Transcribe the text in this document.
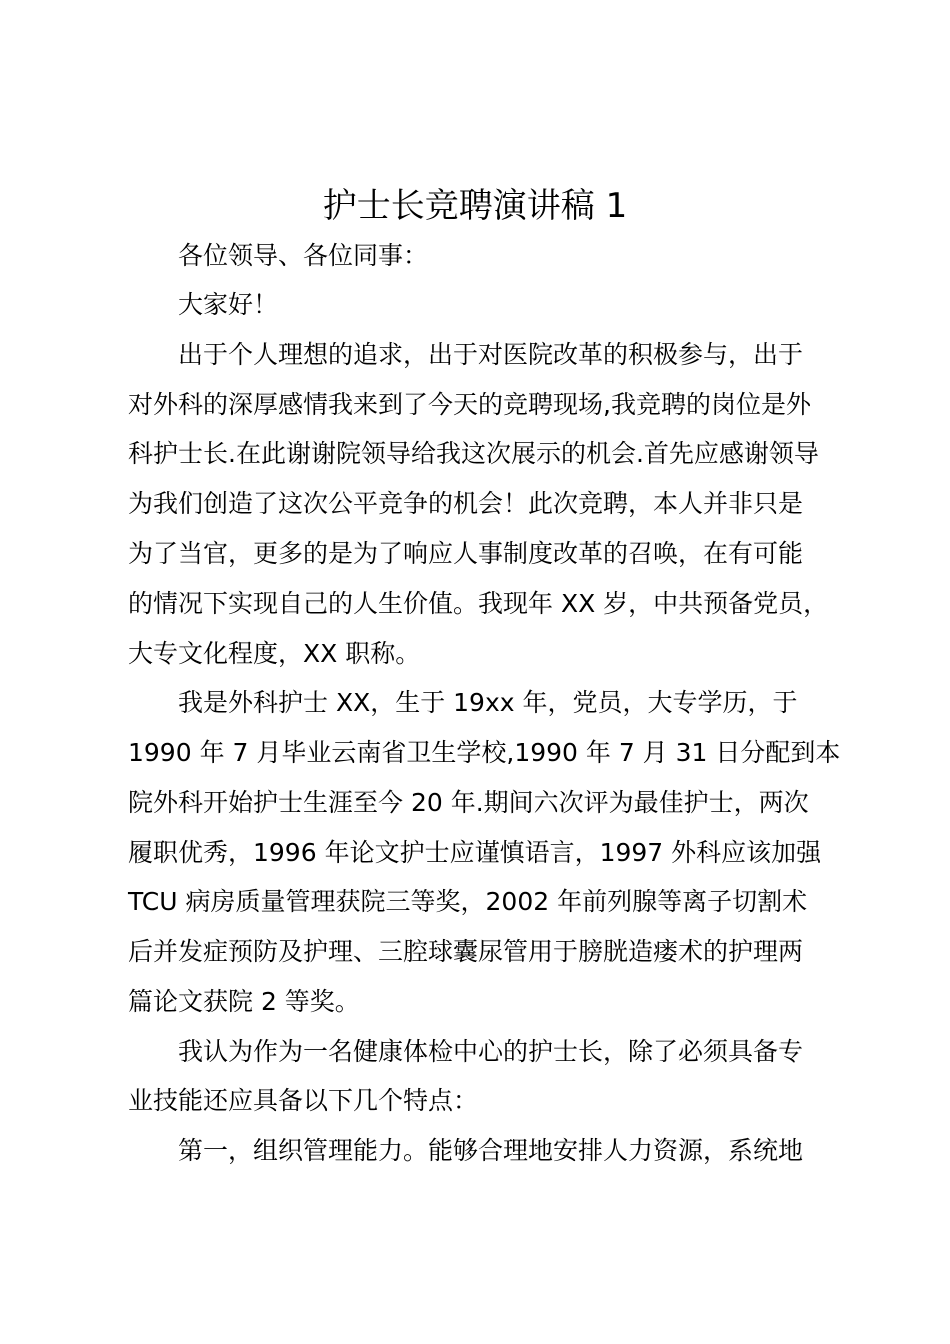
护士长竞聘演讲稿 1
各位领导、各位同事：
大家好！
出于个人理想的追求，出于对医院改革的积极参与，出于
对外科的深厚感情我来到了今天的竞聘现场,我竞聘的岗位是外
科护士长.在此谢谢院领导给我这次展示的机会.首先应感谢领导
为我们创造了这次公平竞争的机会！此次竞聘，本人并非只是
为了当官，更多的是为了响应人事制度改革的召唤，在有可能
的情况下实现自己的人生价值。我现年 XX 岁，中共预备党员，
大专文化程度，XX 职称。
我是外科护士 XX，生于 19xx 年，党员，大专学历，于
1990 年 7 月毕业云南省卫生学校,1990 年 7 月 31 日分配到本
院外科开始护士生涯至今 20 年.期间六次评为最佳护士，两次
履职优秀，1996 年论文护士应谨慎语言，1997 外科应该加强
TCU 病房质量管理获院三等奖，2002 年前列腺等离子切割术
后并发症预防及护理、三腔球囊尿管用于膀胱造瘘术的护理两
篇论文获院 2 等奖。
我认为作为一名健康体检中心的护士长，除了必须具备专
业技能还应具备以下几个特点：
第一，组织管理能力。能够合理地安排人力资源，系统地
